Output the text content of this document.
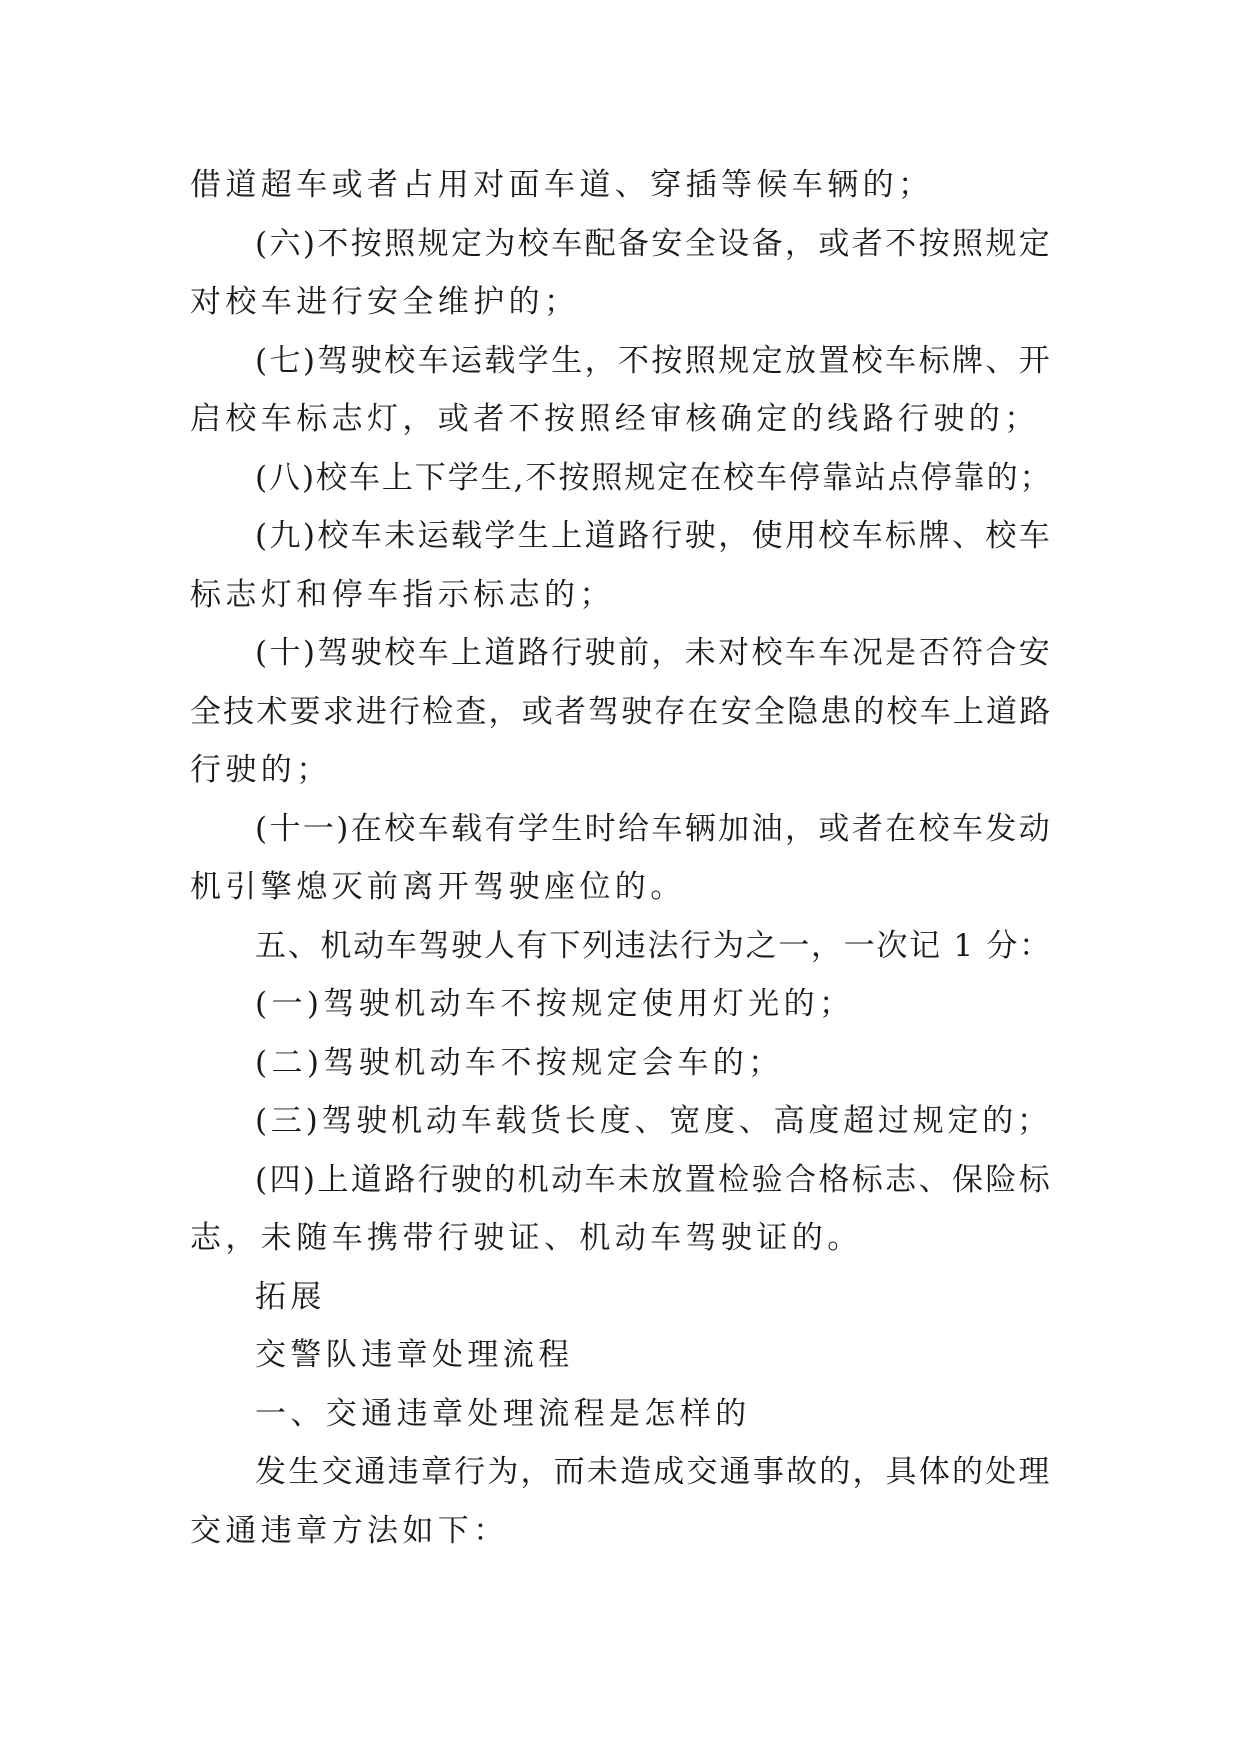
借道超车或者占用对面车道、穿插等候车辆的；
(六)不按照规定为校车配备安全设备，或者不按照规定
对校车进行安全维护的；
(七)驾驶校车运载学生，不按照规定放置校车标牌、开
启校车标志灯，或者不按照经审核确定的线路行驶的；
(八)校车上下学生,不按照规定在校车停靠站点停靠的；
(九)校车未运载学生上道路行驶，使用校车标牌、校车
标志灯和停车指示标志的；
(十)驾驶校车上道路行驶前，未对校车车况是否符合安
全技术要求进行检查，或者驾驶存在安全隐患的校车上道路
行驶的；
(十一)在校车载有学生时给车辆加油，或者在校车发动
机引擎熄灭前离开驾驶座位的。
五、机动车驾驶人有下列违法行为之一，一次记 1 分：
(一)驾驶机动车不按规定使用灯光的；
(二)驾驶机动车不按规定会车的；
(三)驾驶机动车载货长度、宽度、高度超过规定的；
(四)上道路行驶的机动车未放置检验合格标志、保险标
志，未随车携带行驶证、机动车驾驶证的。
拓展
交警队违章处理流程
一、交通违章处理流程是怎样的
发生交通违章行为，而未造成交通事故的，具体的处理
交通违章方法如下：
